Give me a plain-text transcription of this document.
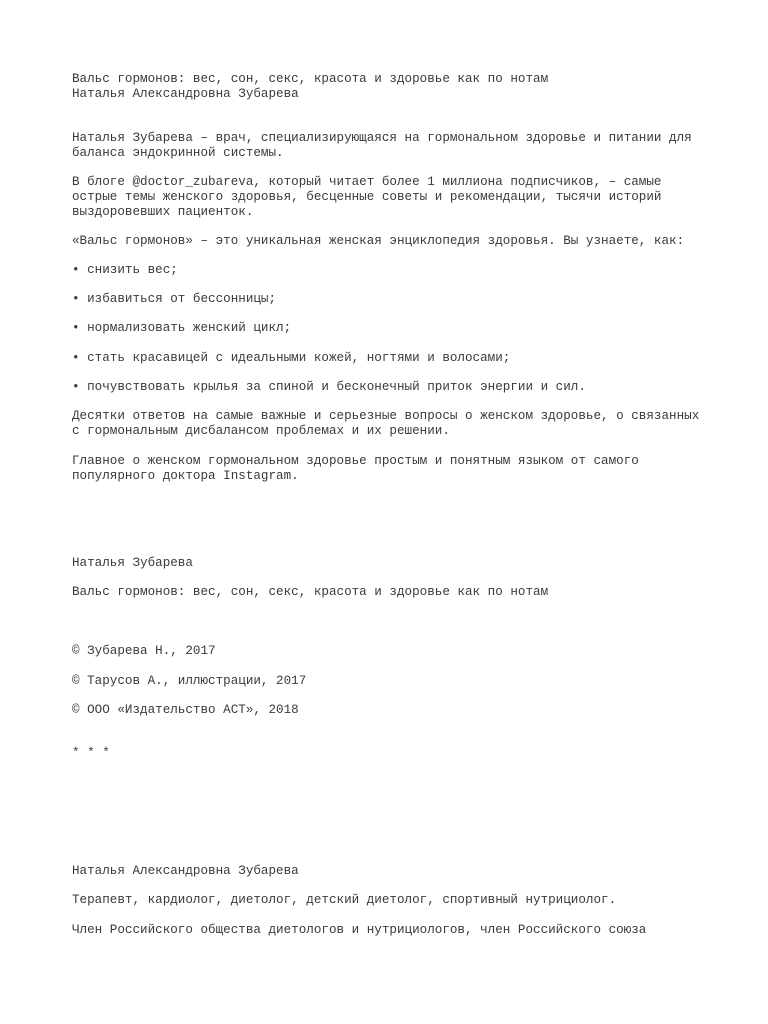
Вальс гормонов: вес, сон, секс, красота и здоровье как по нотам

Наталья Александровна Зубарева

Наталья Зубарева – врач, специализирующаяся на гормональном здоровье и питании для

баланса эндокринной системы.

В блоге @doctor_zubareva, который читает более 1 миллиона подписчиков, – самые

острые темы женского здоровья, бесценные советы и рекомендации, тысячи историй

выздоровевших пациенток.

«Вальс гормонов» – это уникальная женская энциклопедия здоровья. Вы узнаете, как:

• снизить вес;

• избавиться от бессонницы;

• нормализовать женский цикл;

• стать красавицей с идеальными кожей, ногтями и волосами;

• почувствовать крылья за спиной и бесконечный приток энергии и сил.

Десятки ответов на самые важные и серьезные вопросы о женском здоровье, о связанных

с гормональным дисбалансом проблемах и их решении.

Главное о женском гормональном здоровье простым и понятным языком от самого

популярного доктора Instagram.

Наталья Зубарева

Вальс гормонов: вес, сон, секс, красота и здоровье как по нотам

© Зубарева Н., 2017

© Тарусов А., иллюстрации, 2017

© ООО «Издательство АСТ», 2018

* * *

Наталья Александровна Зубарева

Терапевт, кардиолог, диетолог, детский диетолог, спортивный нутрициолог.

Член Российского общества диетологов и нутрициологов, член Российского союза
